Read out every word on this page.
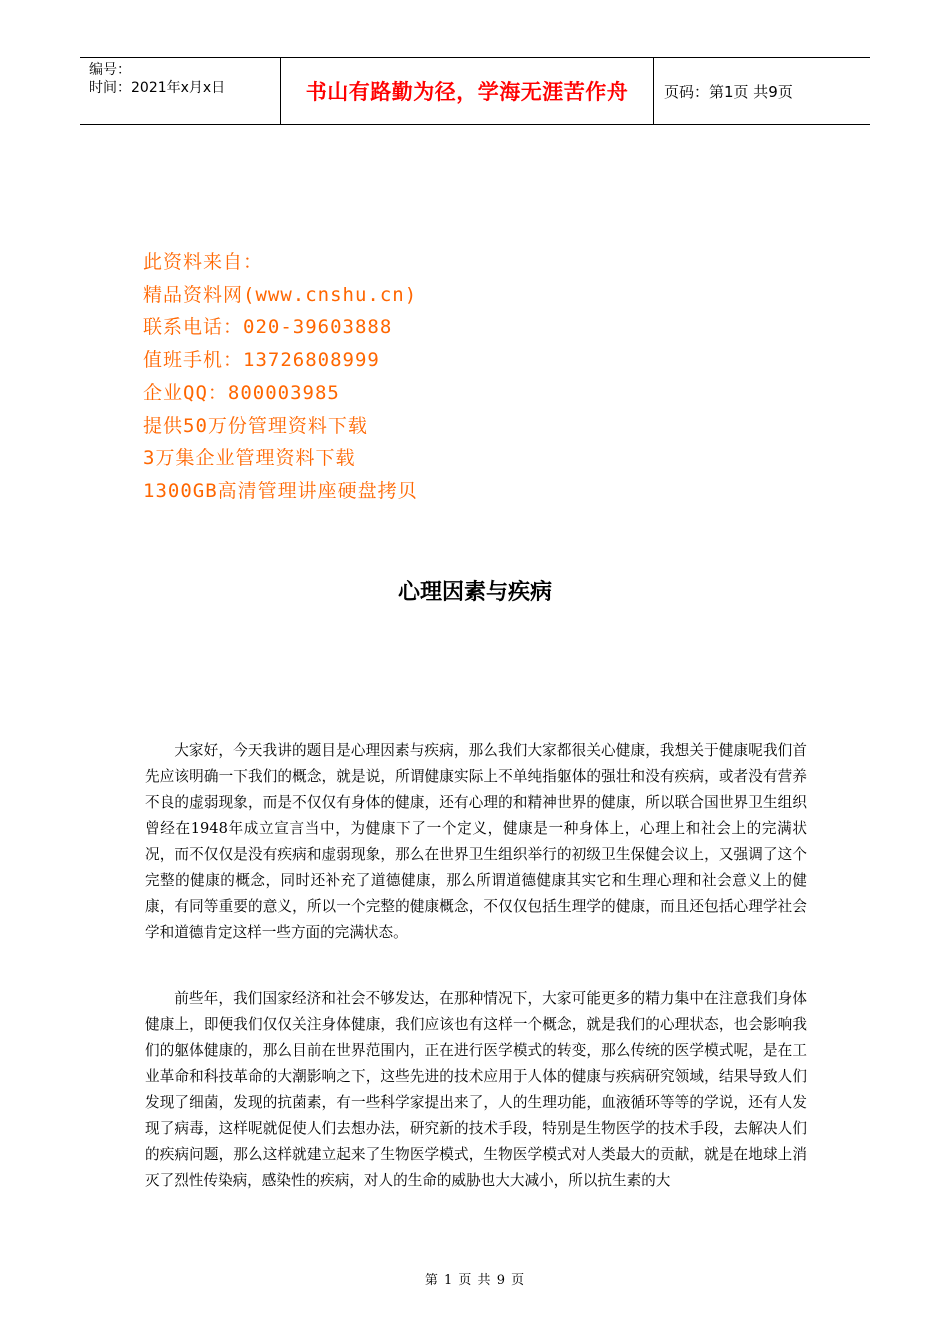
编号：
时间：2021年x月x日	书山有路勤为径，学海无涯苦作舟	页码：第1页 共9页
此资料来自：
精品资料网(www.cnshu.cn)
联系电话：020-39603888
值班手机：13726808999
企业QQ：800003985
提供50万份管理资料下载
3万集企业管理资料下载
1300GB高清管理讲座硬盘拷贝
心理因素与疾病

大家好，今天我讲的题目是心理因素与疾病，那么我们大家都很关心健康，我想关于健康呢我们首先应该明确一下我们的概念，就是说，所谓健康实际上不单纯指躯体的强壮和没有疾病，或者没有营养不良的虚弱现象，而是不仅仅有身体的健康，还有心理的和精神世界的健康，所以联合国世界卫生组织曾经在1948年成立宣言当中，为健康下了一个定义，健康是一种身体上，心理上和社会上的完满状况，而不仅仅是没有疾病和虚弱现象，那么在世界卫生组织举行的初级卫生保健会议上，又强调了这个完整的健康的概念，同时还补充了道德健康，那么所谓道德健康其实它和生理心理和社会意义上的健康，有同等重要的意义，所以一个完整的健康概念，不仅仅包括生理学的健康，而且还包括心理学社会学和道德肯定这样一些方面的完满状态。

前些年，我们国家经济和社会不够发达，在那种情况下，大家可能更多的精力集中在注意我们身体健康上，即便我们仅仅关注身体健康，我们应该也有这样一个概念，就是我们的心理状态，也会影响我们的躯体健康的，那么目前在世界范围内，正在进行医学模式的转变，那么传统的医学模式呢，是在工业革命和科技革命的大潮影响之下，这些先进的技术应用于人体的健康与疾病研究领域，结果导致人们发现了细菌，发现的抗菌素，有一些科学家提出来了，人的生理功能，血液循环等等的学说，还有人发现了病毒，这样呢就促使人们去想办法，研究新的技术手段，特别是生物医学的技术手段，去解决人们的疾病问题，那么这样就建立起来了生物医学模式，生物医学模式对人类最大的贡献，就是在地球上消灭了烈性传染病，感染性的疾病，对人的生命的威胁也大大减小，所以抗生素的大

第 1 页 共 9 页
